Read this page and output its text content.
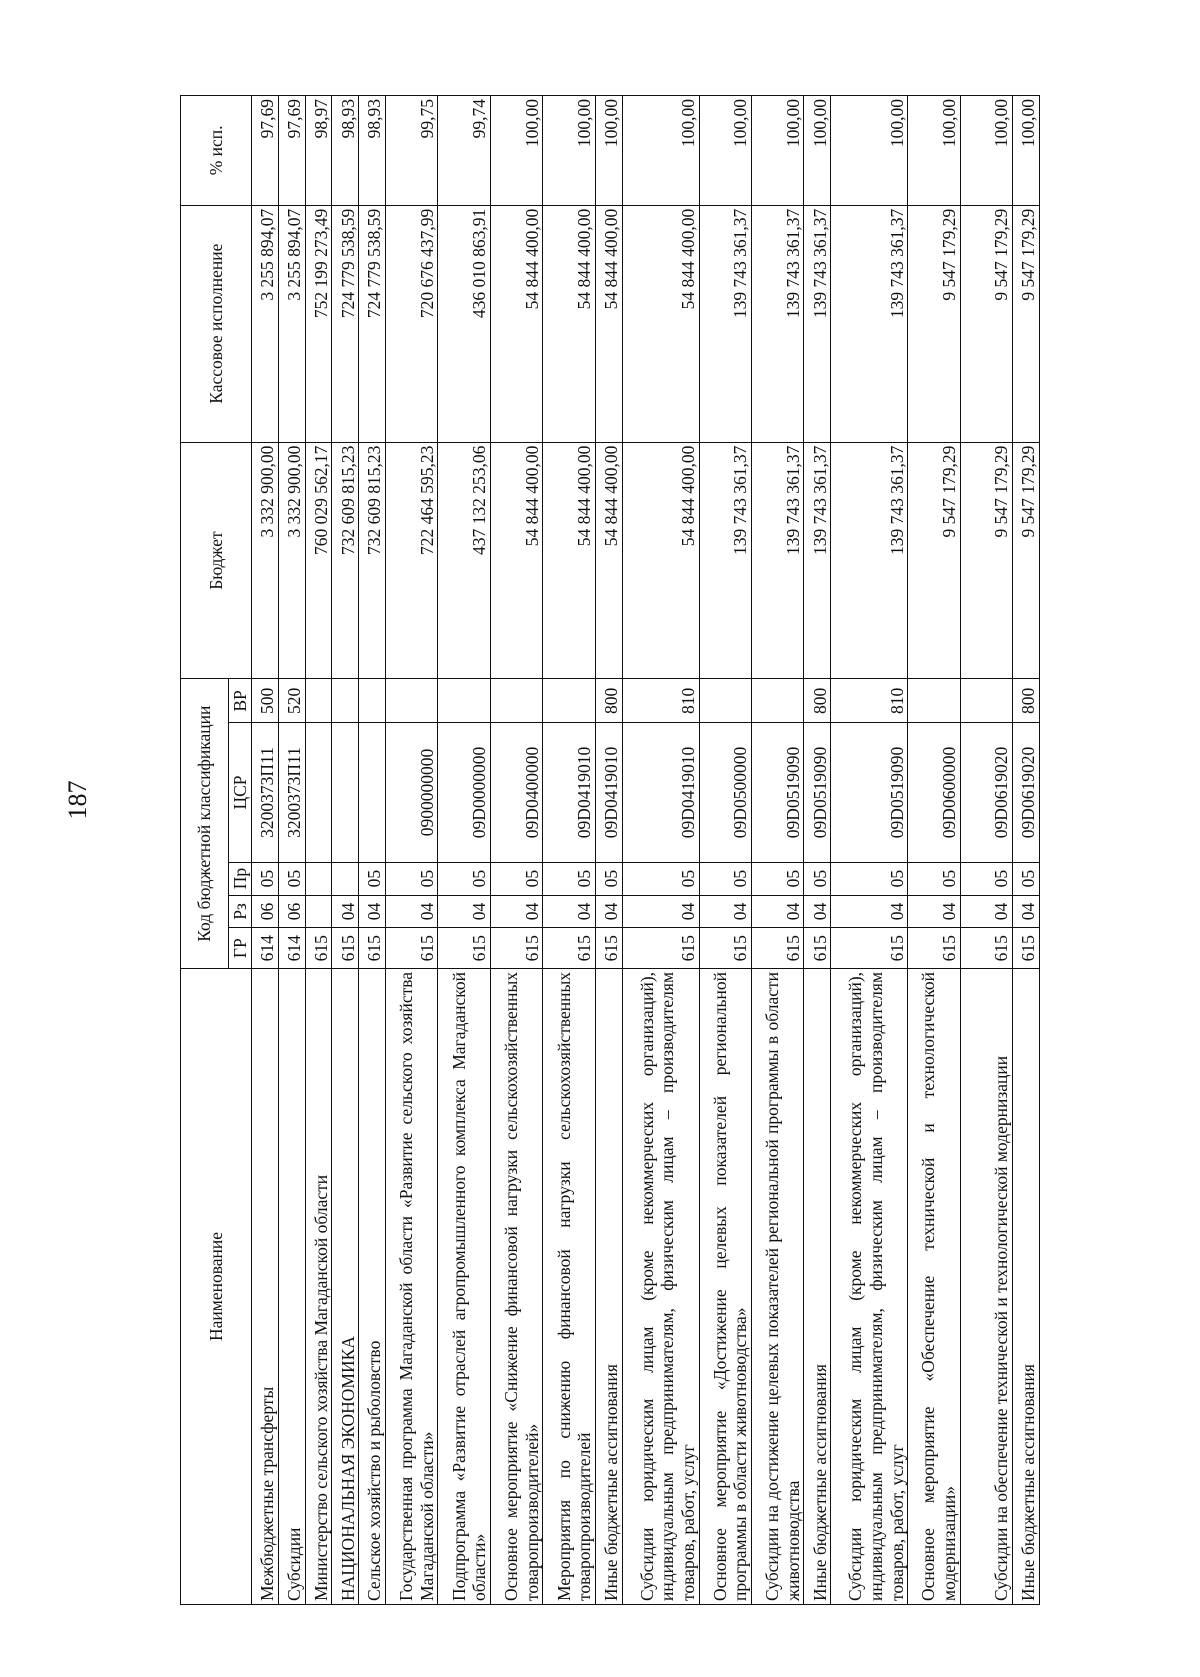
187
Наименование	Код бюджетной классификации					Бюджет	Кассовое исполнение	% исп.
	ГР	Рз	Пр	ЦСР	ВР			
Межбюджетные трансферты	614	06	05	3200373П11	500	3 332 900,00	3 255 894,07	97,69
Субсидии	614	06	05	3200373П11	520	3 332 900,00	3 255 894,07	97,69
Министерство сельского хозяйства Магаданской области	615					760 029 562,17	752 199 273,49	98,97
НАЦИОНАЛЬНАЯ ЭКОНОМИКА	615	04				732 609 815,23	724 779 538,59	98,93
Сельское хозяйство и рыболовство	615	04	05			732 609 815,23	724 779 538,59	98,93
Государственная программа Магаданской области «Развитие сельского хозяйства Магаданской области»	615	04	05	0900000000		722 464 595,23	720 676 437,99	99,75
Подпрограмма «Развитие отраслей агропромышленного комплекса Магаданской области»	615	04	05	09D0000000		437 132 253,06	436 010 863,91	99,74
Основное мероприятие «Снижение финансовой нагрузки сельскохозяйственных товаропроизводителей»	615	04	05	09D0400000		54 844 400,00	54 844 400,00	100,00
Мероприятия по снижению финансовой нагрузки сельскохозяйственных товаропроизводителей	615	04	05	09D0419010		54 844 400,00	54 844 400,00	100,00
Иные бюджетные ассигнования	615	04	05	09D0419010	800	54 844 400,00	54 844 400,00	100,00
Субсидии юридическим лицам (кроме некоммерческих организаций), индивидуальным предпринимателям, физическим лицам – производителям товаров, работ, услуг	615	04	05	09D0419010	810	54 844 400,00	54 844 400,00	100,00
Основное мероприятие «Достижение целевых показателей региональной программы в области животноводства»	615	04	05	09D0500000		139 743 361,37	139 743 361,37	100,00
Субсидии на достижение целевых показателей региональной программы в области животноводства	615	04	05	09D0519090		139 743 361,37	139 743 361,37	100,00
Иные бюджетные ассигнования	615	04	05	09D0519090	800	139 743 361,37	139 743 361,37	100,00
Субсидии юридическим лицам (кроме некоммерческих организаций), индивидуальным предпринимателям, физическим лицам – производителям товаров, работ, услуг	615	04	05	09D0519090	810	139 743 361,37	139 743 361,37	100,00
Основное мероприятие «Обеспечение технической и технологической модернизации»	615	04	05	09D0600000		9 547 179,29	9 547 179,29	100,00
Субсидии на обеспечение технической и технологической модернизации	615	04	05	09D0619020		9 547 179,29	9 547 179,29	100,00
Иные бюджетные ассигнования	615	04	05	09D0619020	800	9 547 179,29	9 547 179,29	100,00
